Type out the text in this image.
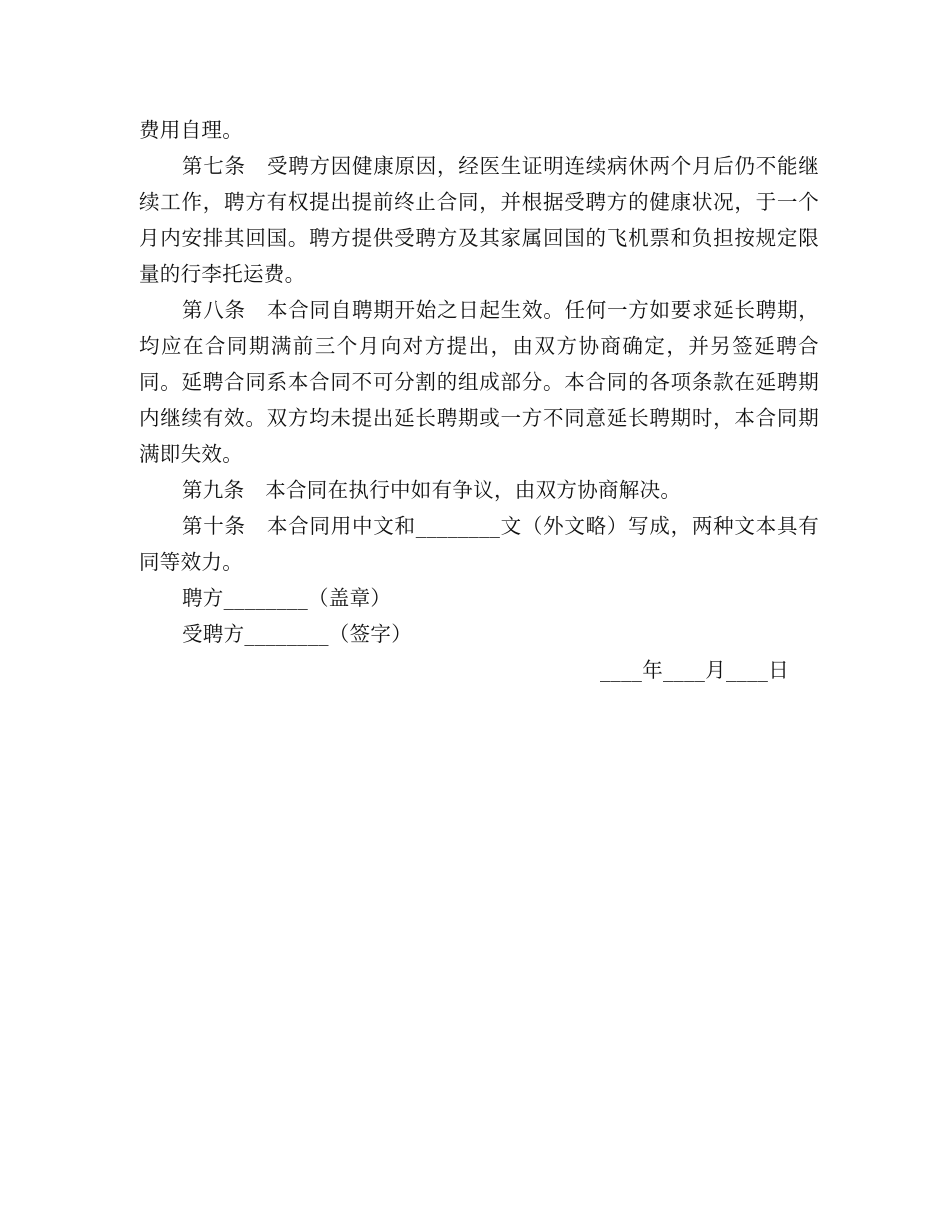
费用自理。

第七条　受聘方因健康原因，经医生证明连续病休两个月后仍不能继续工作，聘方有权提出提前终止合同，并根据受聘方的健康状况，于一个月内安排其回国。聘方提供受聘方及其家属回国的飞机票和负担按规定限量的行李托运费。

第八条　本合同自聘期开始之日起生效。任何一方如要求延长聘期，均应在合同期满前三个月向对方提出，由双方协商确定，并另签延聘合同。延聘合同系本合同不可分割的组成部分。本合同的各项条款在延聘期内继续有效。双方均未提出延长聘期或一方不同意延长聘期时，本合同期满即失效。

第九条　本合同在执行中如有争议，由双方协商解决。

第十条　本合同用中文和________文（外文略）写成，两种文本具有同等效力。

聘方________（盖章）

受聘方________（签字）

____年____月____日
